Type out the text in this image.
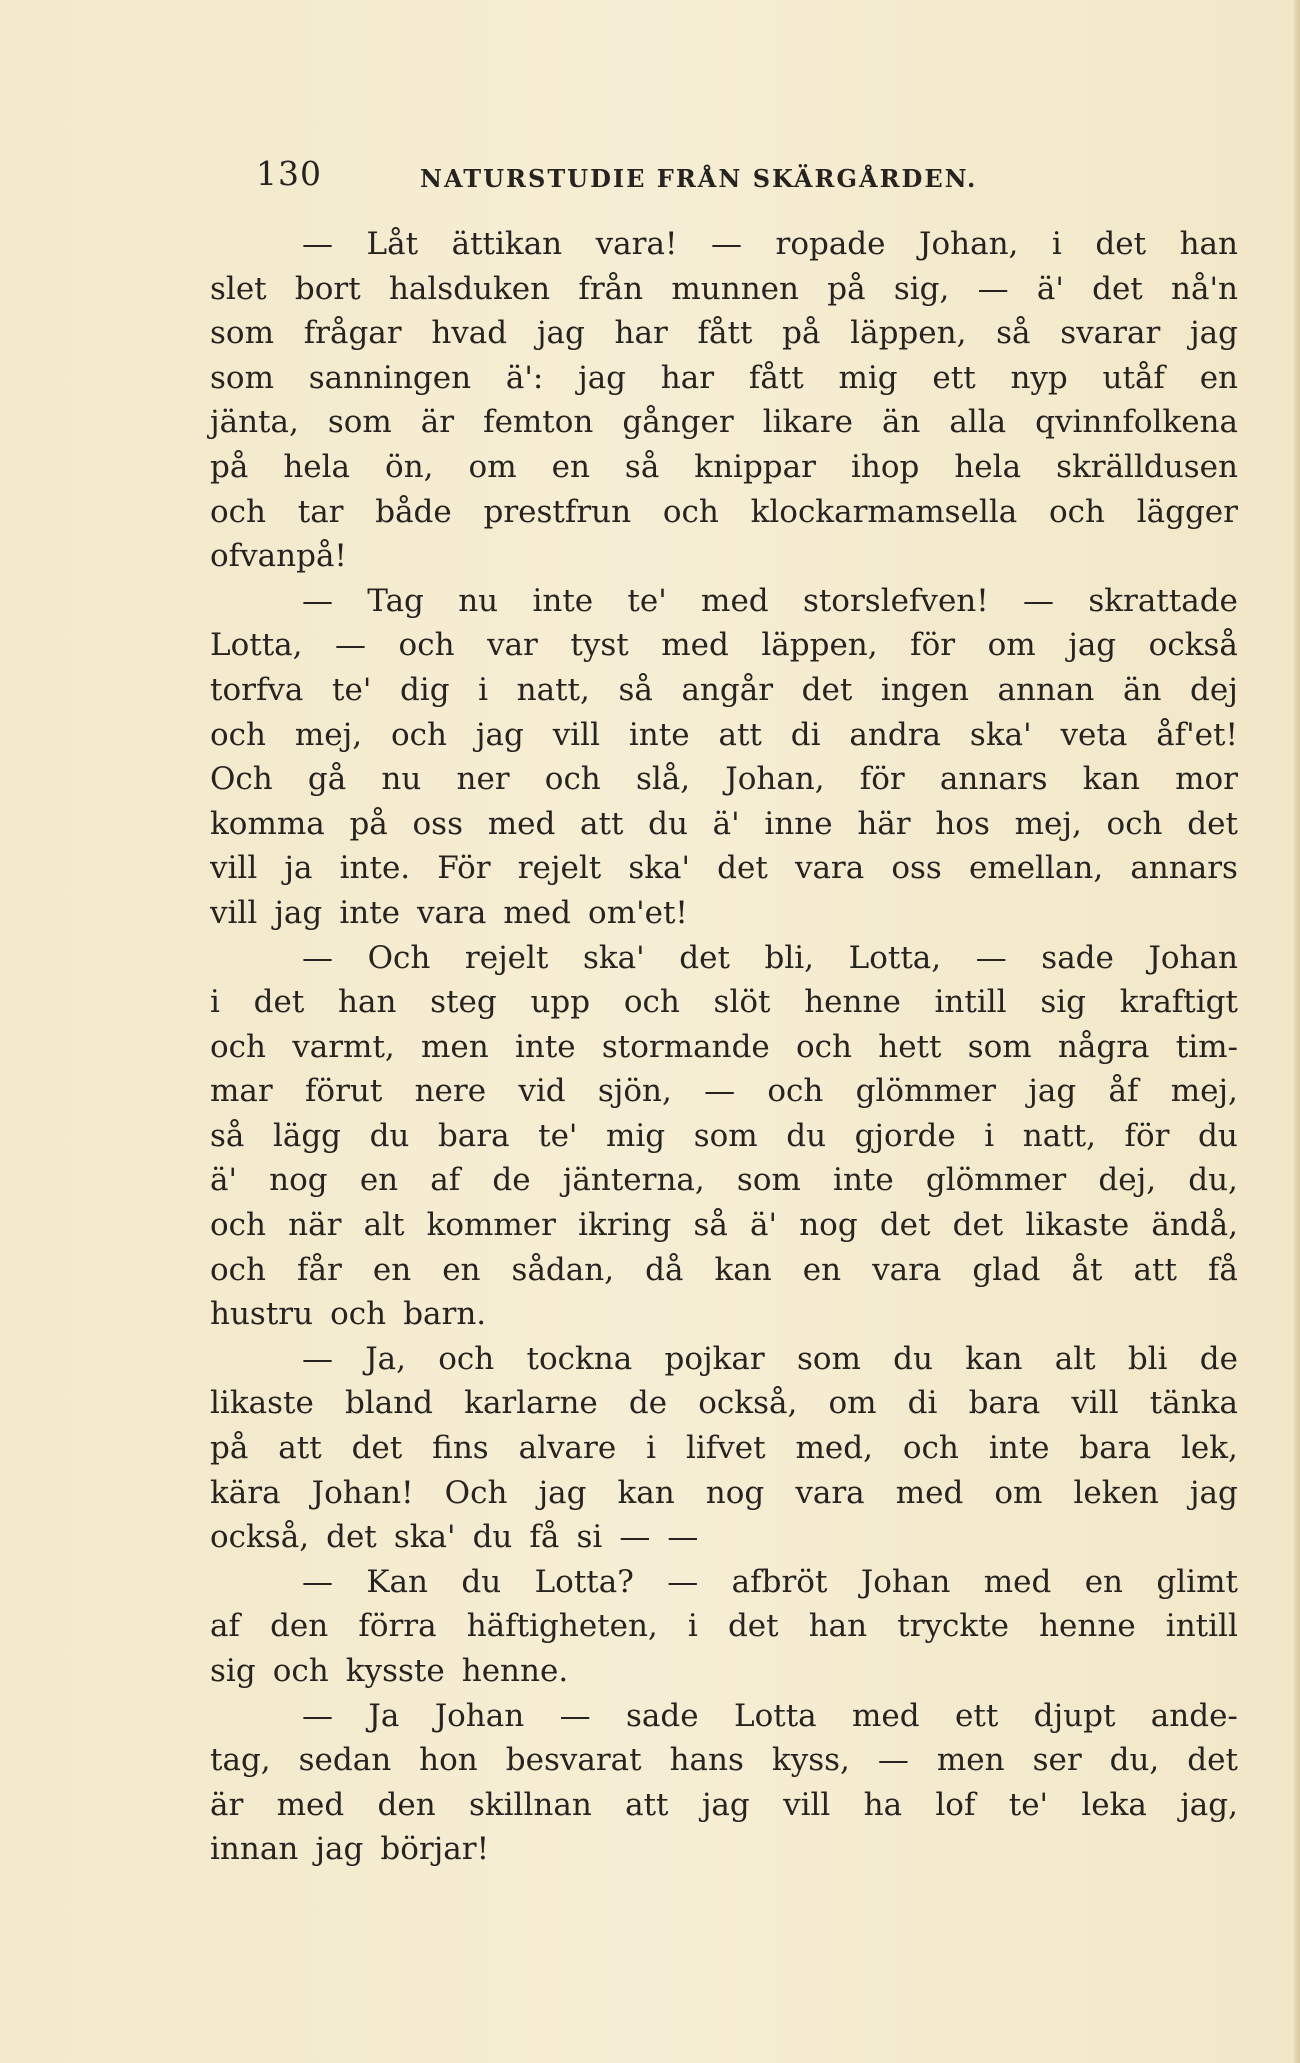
130	NATURSTUDIE FRÅN SKÄRGÅRDEN.
— Låt ättikan vara! — ropade Johan, i det han
slet bort halsduken från munnen på sig, — ä' det nå'n
som frågar hvad jag har fått på läppen, så svarar jag
som sanningen ä': jag har fått mig ett nyp utåf en
jänta, som är femton gånger likare än alla qvinnfolkena
på hela ön, om en så knippar ihop hela skrälldusen
och tar både prestfrun och klockarmamsella och lägger
ofvanpå!
— Tag nu inte te' med storslefven! — skrattade
Lotta, — och var tyst med läppen, för om jag också
torfva te' dig i natt, så angår det ingen annan än dej
och mej, och jag vill inte att di andra ska' veta åf'et!
Och gå nu ner och slå, Johan, för annars kan mor
komma på oss med att du ä' inne här hos mej, och det
vill ja inte. För rejelt ska' det vara oss emellan, annars
vill jag inte vara med om'et!
— Och rejelt ska' det bli, Lotta, — sade Johan
i det han steg upp och slöt henne intill sig kraftigt
och varmt, men inte stormande och hett som några tim-
mar förut nere vid sjön, — och glömmer jag åf mej,
så lägg du bara te' mig som du gjorde i natt, för du
ä' nog en af de jänterna, som inte glömmer dej, du,
och när alt kommer ikring så ä' nog det det likaste ändå,
och får en en sådan, då kan en vara glad åt att få
hustru och barn.
— Ja, och tockna pojkar som du kan alt bli de
likaste bland karlarne de också, om di bara vill tänka
på att det fins alvare i lifvet med, och inte bara lek,
kära Johan! Och jag kan nog vara med om leken jag
också, det ska' du få si — —
— Kan du Lotta? — afbröt Johan med en glimt
af den förra häftigheten, i det han tryckte henne intill
sig och kysste henne.
— Ja Johan — sade Lotta med ett djupt ande-
tag, sedan hon besvarat hans kyss, — men ser du, det
är med den skillnan att jag vill ha lof te' leka jag,
innan jag börjar!
